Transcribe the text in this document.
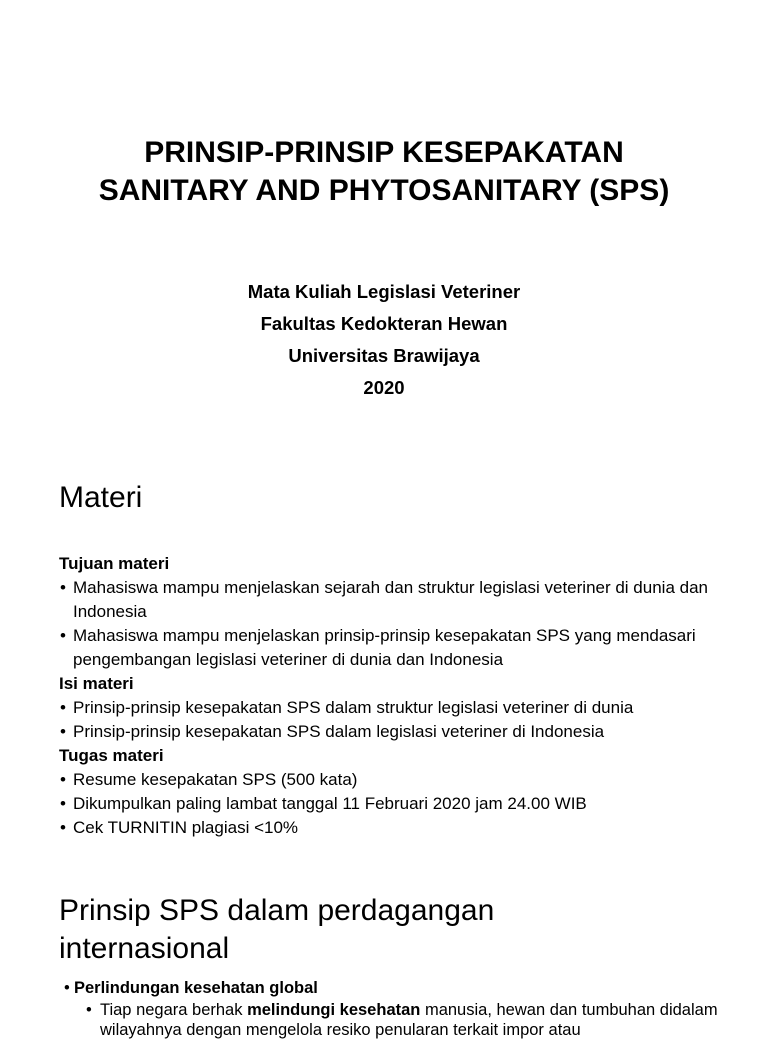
PRINSIP-PRINSIP KESEPAKATAN
SANITARY AND PHYTOSANITARY (SPS)
Mata Kuliah Legislasi Veteriner
Fakultas Kedokteran Hewan
Universitas Brawijaya
2020
Materi
Tujuan materi
• Mahasiswa mampu menjelaskan sejarah dan struktur legislasi veteriner di dunia dan Indonesia
• Mahasiswa mampu menjelaskan prinsip-prinsip kesepakatan SPS yang mendasari pengembangan legislasi veteriner di dunia dan Indonesia
Isi materi
• Prinsip-prinsip kesepakatan SPS dalam struktur legislasi veteriner di dunia
• Prinsip-prinsip kesepakatan SPS dalam legislasi veteriner di Indonesia
Tugas materi
• Resume kesepakatan SPS (500 kata)
• Dikumpulkan paling lambat tanggal 11 Februari 2020 jam 24.00 WIB
• Cek TURNITIN plagiasi <10%
Prinsip SPS dalam perdagangan
internasional
• Perlindungan kesehatan global
• Tiap negara berhak melindungi kesehatan manusia, hewan dan tumbuhan didalam wilayahnya dengan mengelola resiko penularan terkait impor atau
